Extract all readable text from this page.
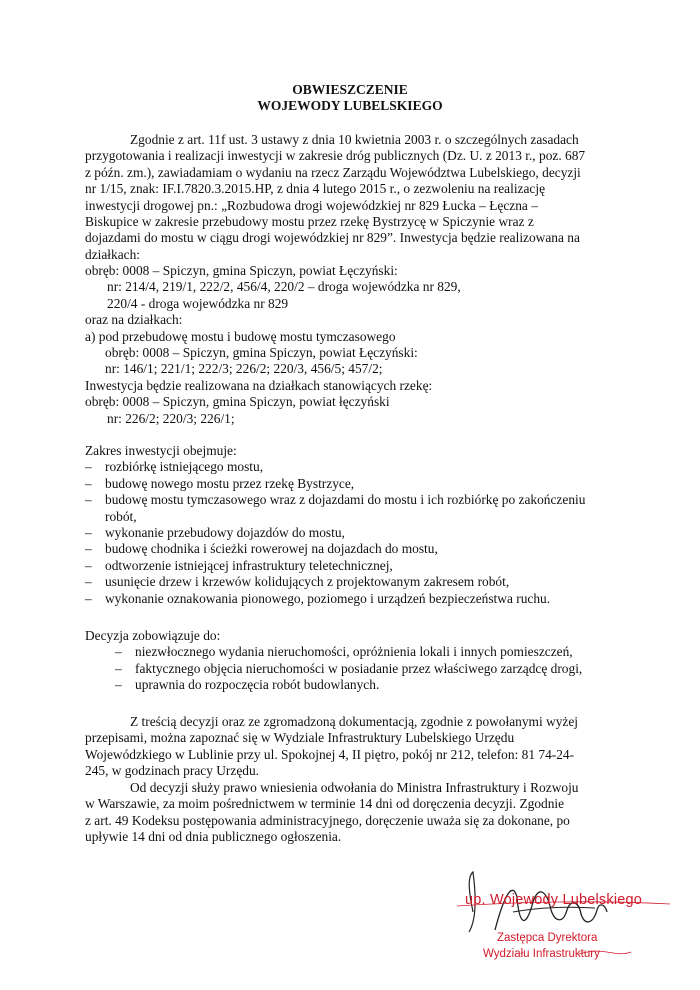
OBWIESZCZENIE
WOJEWODY LUBELSKIEGO
Zgodnie z art. 11f ust. 3 ustawy z dnia 10 kwietnia 2003 r. o szczególnych zasadach
przygotowania i realizacji inwestycji w zakresie dróg publicznych (Dz. U. z 2013 r., poz. 687
z późn. zm.), zawiadamiam o wydaniu na rzecz Zarządu Województwa Lubelskiego, decyzji
nr 1/15, znak: IF.I.7820.3.2015.HP, z dnia 4 lutego 2015 r., o zezwoleniu na realizację
inwestycji drogowej pn.: „Rozbudowa drogi wojewódzkiej nr 829 Łucka – Łęczna –
Biskupice w zakresie przebudowy mostu przez rzekę Bystrzycę w Spiczynie wraz z
dojazdami do mostu w ciągu drogi wojewódzkiej nr 829”. Inwestycja będzie realizowana na
działkach:
obręb: 0008 – Spiczyn, gmina Spiczyn, powiat Łęczyński:
nr: 214/4, 219/1, 222/2, 456/4, 220/2 – droga wojewódzka nr 829,
220/4 - droga wojewódzka nr 829
oraz na działkach:
a) pod przebudowę mostu i budowę mostu tymczasowego
obręb: 0008 – Spiczyn, gmina Spiczyn, powiat Łęczyński:
nr: 146/1; 221/1; 222/3; 226/2; 220/3, 456/5; 457/2;
Inwestycja będzie realizowana na działkach stanowiących rzekę:
obręb: 0008 – Spiczyn, gmina Spiczyn, powiat łęczyński
nr: 226/2; 220/3; 226/1;
Zakres inwestycji obejmuje:
– rozbiórkę istniejącego mostu,
– budowę nowego mostu przez rzekę Bystrzyce,
– budowę mostu tymczasowego wraz z dojazdami do mostu i ich rozbiórkę po zakończeniu
robót,
– wykonanie przebudowy dojazdów do mostu,
– budowę chodnika i ścieżki rowerowej na dojazdach do mostu,
– odtworzenie istniejącej infrastruktury teletechnicznej,
– usunięcie drzew i krzewów kolidujących z projektowanym zakresem robót,
– wykonanie oznakowania pionowego, poziomego i urządzeń bezpieczeństwa ruchu.
Decyzja zobowiązuje do:
– niezwłocznego wydania nieruchomości, opróżnienia lokali i innych pomieszczeń,
– faktycznego objęcia nieruchomości w posiadanie przez właściwego zarządcę drogi,
– uprawnia do rozpoczęcia robót budowlanych.
Z treścią decyzji oraz ze zgromadzoną dokumentacją, zgodnie z powołanymi wyżej
przepisami, można zapoznać się w Wydziale Infrastruktury Lubelskiego Urzędu
Wojewódzkiego w Lublinie przy ul. Spokojnej 4, II piętro, pokój nr 212, telefon: 81 74-24-
245, w godzinach pracy Urzędu.
Od decyzji służy prawo wniesienia odwołania do Ministra Infrastruktury i Rozwoju
w Warszawie, za moim pośrednictwem w terminie 14 dni od doręczenia decyzji. Zgodnie
z art. 49 Kodeksu postępowania administracyjnego, doręczenie uważa się za dokonane, po
upływie 14 dni od dnia publicznego ogłoszenia.
up. Wojewody Lubelskiego
Zastępca Dyrektora
Wydziału Infrastruktury
